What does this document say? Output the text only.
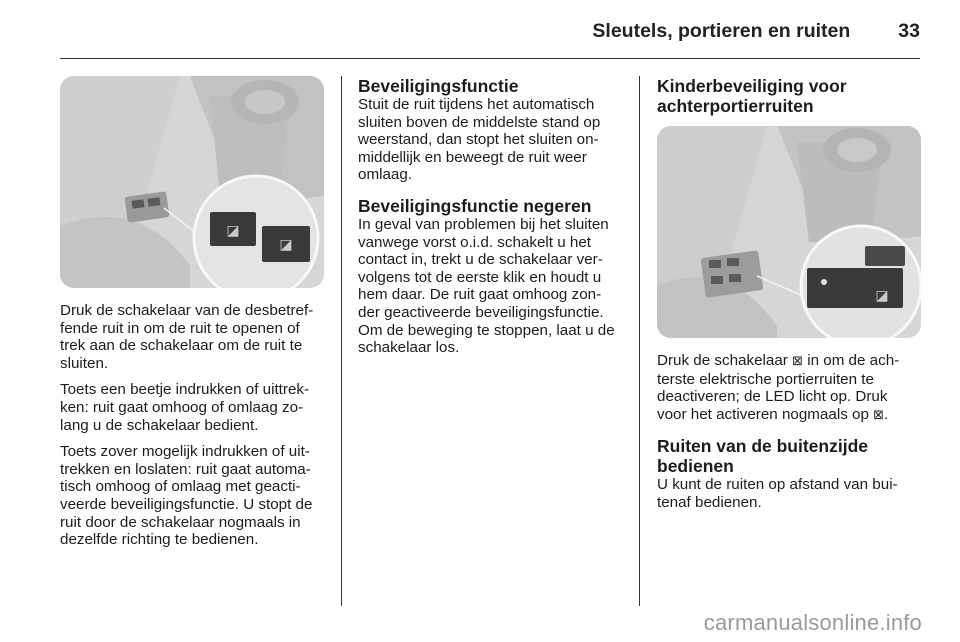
Sleutels, portieren en ruiten 33
◪
◪

Druk de schakelaar van de desbetref- fende ruit in om de ruit te openen of trek aan de schakelaar om de ruit te sluiten.

Toets een beetje indrukken of uittrek- ken: ruit gaat omhoog of omlaag zo- lang u de schakelaar bedient.

Toets zover mogelijk indrukken of uit- trekken en loslaten: ruit gaat automa- tisch omhoog of omlaag met geacti- veerde beveiligingsfunctie. U stopt de ruit door de schakelaar nogmaals in dezelfde richting te bedienen.

Beveiligingsfunctie

Stuit de ruit tijdens het automatisch sluiten boven de middelste stand op weerstand, dan stopt het sluiten on- middellijk en beweegt de ruit weer omlaag.

Beveiligingsfunctie negeren

In geval van problemen bij het sluiten vanwege vorst o.i.d. schakelt u het contact in, trekt u de schakelaar ver- volgens tot de eerste klik en houdt u hem daar. De ruit gaat omhoog zon- der geactiveerde beveiligingsfunctie. Om de beweging te stoppen, laat u de schakelaar los.

Kinderbeveiliging voor achterportierruiten
◪

Druk de schakelaar ⊠ in om de ach- terste elektrische portierruiten te deactiveren; de LED licht op. Druk voor het activeren nogmaals op ⊠.

Ruiten van de buitenzijde bedienen

U kunt de ruiten op afstand van bui- tenaf bedienen.

carmanualsonline.info
